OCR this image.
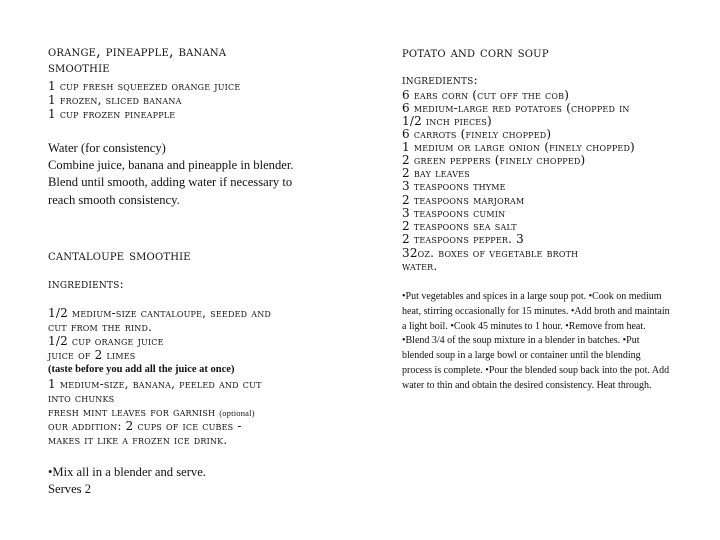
orange, pineapple, banana
smoothie
1 cup fresh squeezed orange juice
1 frozen, sliced banana
1 cup frozen pineapple
Water (for consistency)
Combine juice, banana and pineapple in blender. Blend until smooth, adding water if necessary to reach smooth consistency.
cantaloupe smoothie
ingredients:
1/2 medium-size cantaloupe, seeded and
cut from the rind.
1/2 cup orange juice
juice of 2 limes
(taste before you add all the juice at once)
1 medium-size, banana, peeled and cut
into chunks
fresh mint leaves for garnish (optional)
our addition: 2 cups of ice cubes -
makes it like a frozen ice drink.
•Mix all in a blender and serve.
Serves 2
potato and corn soup
ingredients:
6 ears corn (cut off the cob)
6 medium-large red potatoes (chopped in
1/2 inch pieces)
6 carrots (finely chopped)
1 medium or large onion (finely chopped)
2 green peppers (finely chopped)
2 bay leaves
3 teaspoons thyme
2 teaspoons marjoram
3 teaspoons cumin
2 teaspoons sea salt
2 teaspoons pepper. 3
32oz. boxes of vegetable broth
water.
•Put vegetables and spices in a large soup pot. •Cook on medium heat, stirring occasionally for 15 minutes. •Add broth and maintain a light boil. •Cook 45 minutes to 1 hour. •Remove from heat. •Blend 3/4 of the soup mixture in a blender in batches. •Put blended soup in a large bowl or container until the blending process is complete. •Pour the blended soup back into the pot. Add water to thin and obtain the desired consistency. Heat through.
